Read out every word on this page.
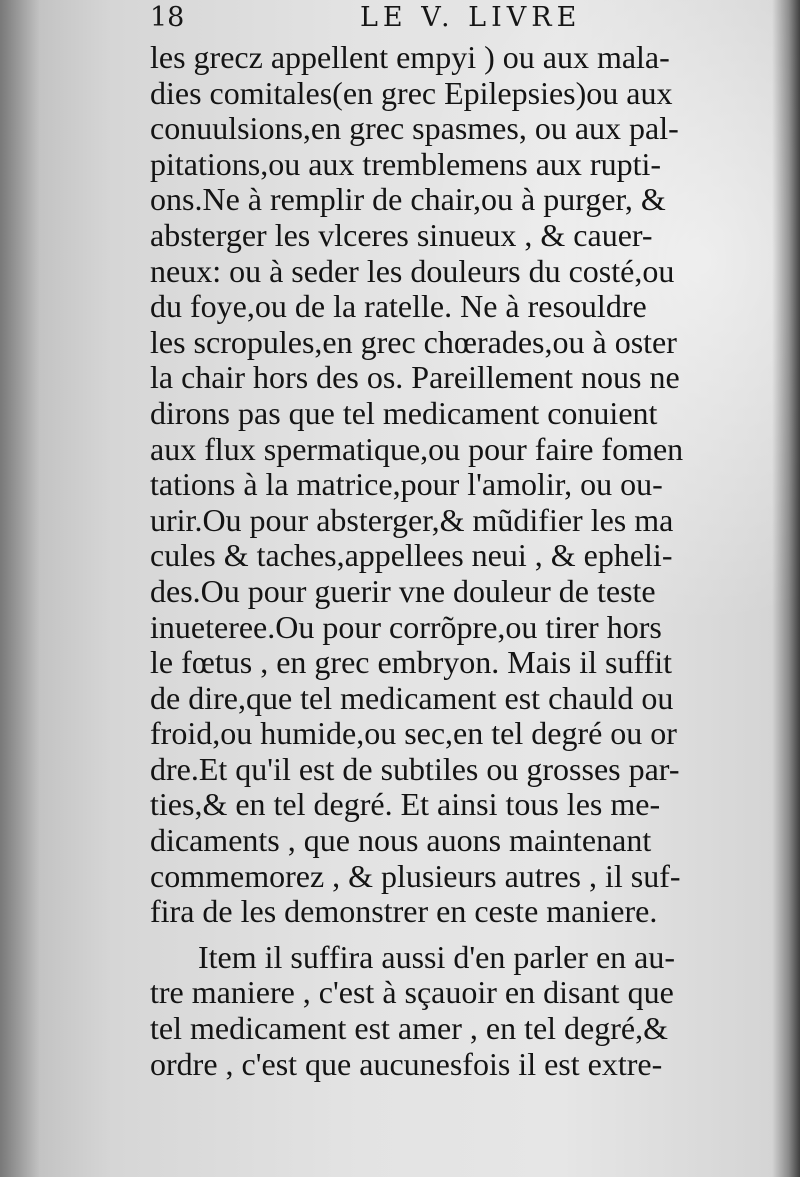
18	LE V. LIVRE
les grecz appellent empyi ) ou aux mala-
dies comitales(en grec Epilepsies)ou aux
conuulsions,en grec spasmes, ou aux pal-
pitations,ou aux tremblemens aux rupti-
ons.Ne à remplir de chair,ou à purger, &
absterger les vlceres sinueux , & cauer-
neux: ou à seder les douleurs du costé,ou
du foye,ou de la ratelle. Ne à resouldre
les scropules,en grec chœrades,ou à oster
la chair hors des os. Pareillement nous ne
dirons pas que tel medicament conuient
aux flux spermatique,ou pour faire fomen
tations à la matrice,pour l'amolir, ou ou-
urir.Ou pour absterger,& mũdifier les ma
cules & taches,appellees neui , & epheli-
des.Ou pour guerir vne douleur de teste
inueteree.Ou pour corrõpre,ou tirer hors
le fœtus , en grec embryon. Mais il suffit
de dire,que tel medicament est chauld ou
froid,ou humide,ou sec,en tel degré ou or
dre.Et qu'il est de subtiles ou grosses par-
ties,& en tel degré. Et ainsi tous les me-
dicaments , que nous auons maintenant
commemorez , & plusieurs autres , il suf-
fira de les demonstrer en ceste maniere.
Item il suffira aussi d'en parler en au-
tre maniere , c'est à sçauoir en disant que
tel medicament est amer , en tel degré,&
ordre , c'est que aucunesfois il est extre-
